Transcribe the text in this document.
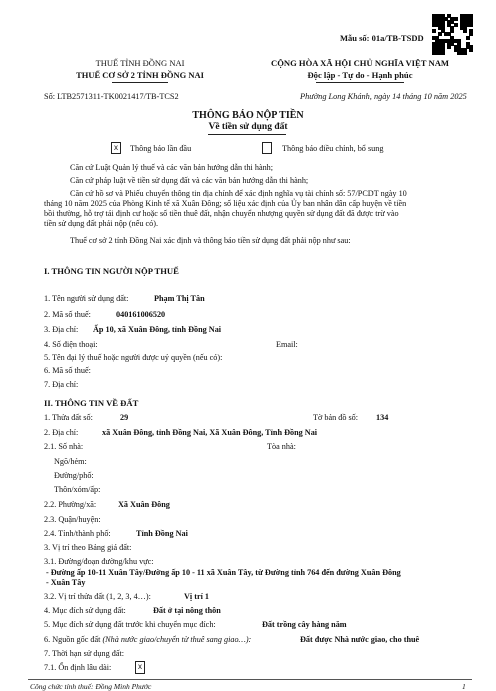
Mẫu số: 01a/TB-TSDD
THUẾ TỈNH ĐỒNG NAI
THUẾ CƠ SỞ 2 TỈNH ĐỒNG NAI
CỘNG HÒA XÃ HỘI CHỦ NGHĨA VIỆT NAM
Độc lập - Tự do - Hạnh phúc
Số: LTB2571311-TK0021417/TB-TCS2	Phường Long Khánh, ngày 14 tháng 10 năm 2025
THÔNG BÁO NỘP TIỀN
Về tiền sử dụng đất
x	Thông báo lần đầu	Thông báo điều chỉnh, bổ sung
Căn cứ Luật Quản lý thuế và các văn bản hướng dẫn thi hành;
Căn cứ pháp luật về tiền sử dụng đất và các văn bản hướng dẫn thi hành;
Căn cứ hồ sơ và Phiếu chuyển thông tin địa chính để xác định nghĩa vụ tài chính số: 57/PCDT ngày 10
tháng 10 năm 2025 của Phòng Kinh tế xã Xuân Đông; số liệu xác định của Ủy ban nhân dân cấp huyện về tiền
bồi thường, hỗ trợ tái định cư hoặc số tiền thuê đất, nhận chuyển nhượng quyền sử dụng đất đã được trừ vào
tiền sử dụng đất phải nộp (nếu có).
Thuế cơ sở 2 tỉnh Đồng Nai xác định và thông báo tiền sử dụng đất phải nộp như sau:
I. THÔNG TIN NGƯỜI NỘP THUẾ
1. Tên người sử dụng đất:	Phạm Thị Tân
2. Mã số thuế:	040161006520
3. Địa chỉ: Ấp 10, xã Xuân Đông, tỉnh Đồng Nai
4. Số điện thoại:	Email:
5. Tên đại lý thuế hoặc người được uỷ quyền (nếu có):
6. Mã số thuế:
7. Địa chỉ:
II. THÔNG TIN VỀ ĐẤT
1. Thửa đất số:	29	Tờ bản đồ số: 134
2. Địa chỉ:	xã Xuân Đông, tỉnh Đồng Nai, Xã Xuân Đông, Tỉnh Đồng Nai
2.1. Số nhà:	Tòa nhà:
Ngõ/hẻm:
Đường/phố:
Thôn/xóm/ấp:
2.2. Phường/xã:	Xã Xuân Đông
2.3. Quận/huyện:
2.4. Tỉnh/thành phố:	Tỉnh Đồng Nai
3. Vị trí theo Bảng giá đất:
3.1. Đường/đoạn đường/khu vực:
- Đường ấp 10-11 Xuân Tây/Đường ấp 10 - 11 xã Xuân Tây, từ Đường tỉnh 764 đến đường Xuân Đông
- Xuân Tây
3.2. Vị trí thửa đất (1, 2, 3, 4…):	Vị trí 1
4. Mục đích sử dụng đất:	Đất ở tại nông thôn
5. Mục đích sử dụng đất trước khi chuyển mục đích:	Đất trồng cây hàng năm
6. Nguồn gốc đất (Nhà nước giao/chuyển từ thuê sang giao…):	Đất được Nhà nước giao, cho thuê
7. Thời hạn sử dụng đất:
7.1. Ổn định lâu dài:	x
Công chức tính thuế: Đồng Minh Phước	1
